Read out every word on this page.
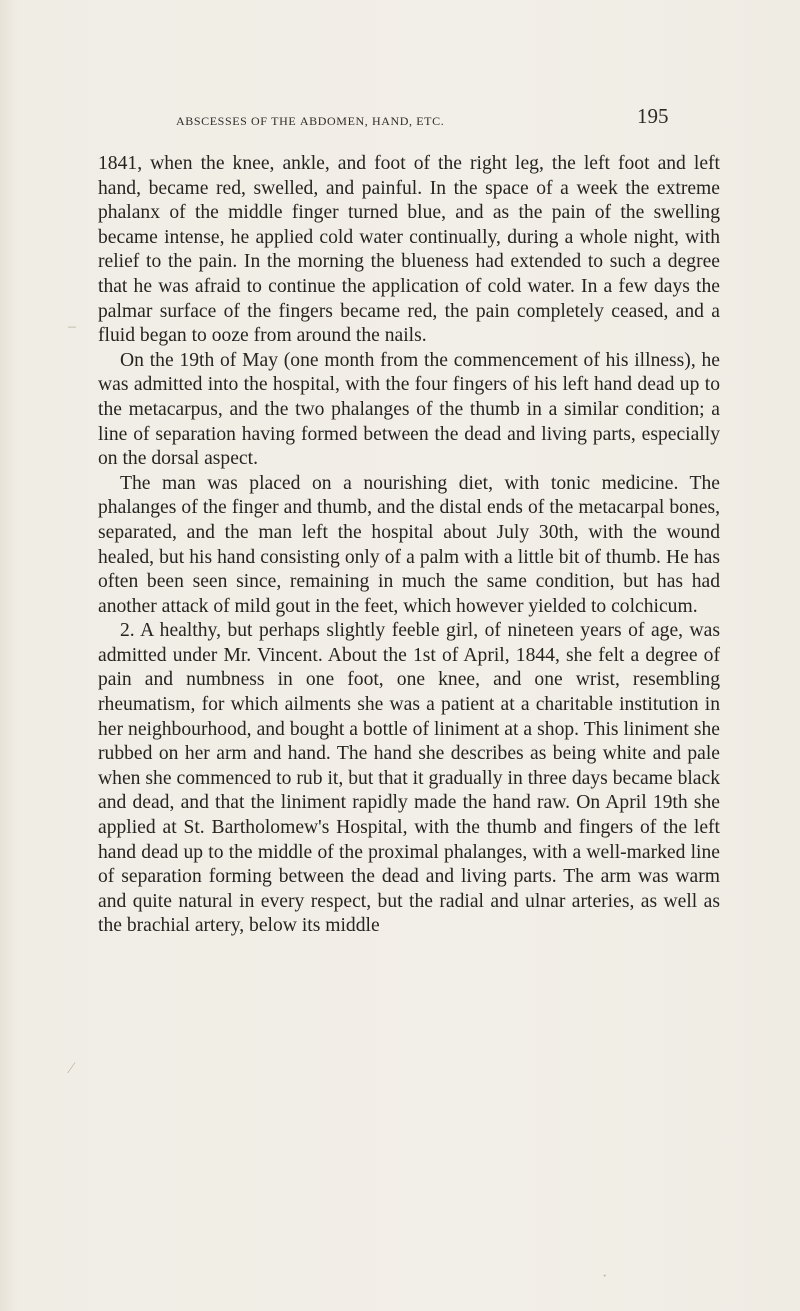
abscesses of the abdomen, hand, etc.	195

1841, when the knee, ankle, and foot of the right leg, the left foot and left hand, became red, swelled, and painful. In the space of a week the extreme phalanx of the middle finger turned blue, and as the pain of the swelling became intense, he applied cold water continually, during a whole night, with relief to the pain. In the morning the blueness had extended to such a degree that he was afraid to continue the application of cold water. In a few days the palmar surface of the fingers became red, the pain completely ceased, and a fluid began to ooze from around the nails.

On the 19th of May (one month from the commencement of his illness), he was admitted into the hospital, with the four fingers of his left hand dead up to the metacarpus, and the two phalanges of the thumb in a similar condition; a line of separation having formed between the dead and living parts, especially on the dorsal aspect.

The man was placed on a nourishing diet, with tonic medicine. The phalanges of the finger and thumb, and the distal ends of the metacarpal bones, separated, and the man left the hospital about July 30th, with the wound healed, but his hand consisting only of a palm with a little bit of thumb. He has often been seen since, remaining in much the same condition, but has had another attack of mild gout in the feet, which however yielded to colchicum.

2. A healthy, but perhaps slightly feeble girl, of nineteen years of age, was admitted under Mr. Vincent. About the 1st of April, 1844, she felt a degree of pain and numbness in one foot, one knee, and one wrist, resembling rheumatism, for which ailments she was a patient at a charitable institution in her neighbourhood, and bought a bottle of liniment at a shop. This liniment she rubbed on her arm and hand. The hand she describes as being white and pale when she commenced to rub it, but that it gradually in three days became black and dead, and that the liniment rapidly made the hand raw. On April 19th she applied at St. Bartholomew's Hospital, with the thumb and fingers of the left hand dead up to the middle of the proximal phalanges, with a well-marked line of separation forming between the dead and living parts. The arm was warm and quite natural in every respect, but the radial and ulnar arteries, as well as the brachial artery, below its middle

–
⁄
·
